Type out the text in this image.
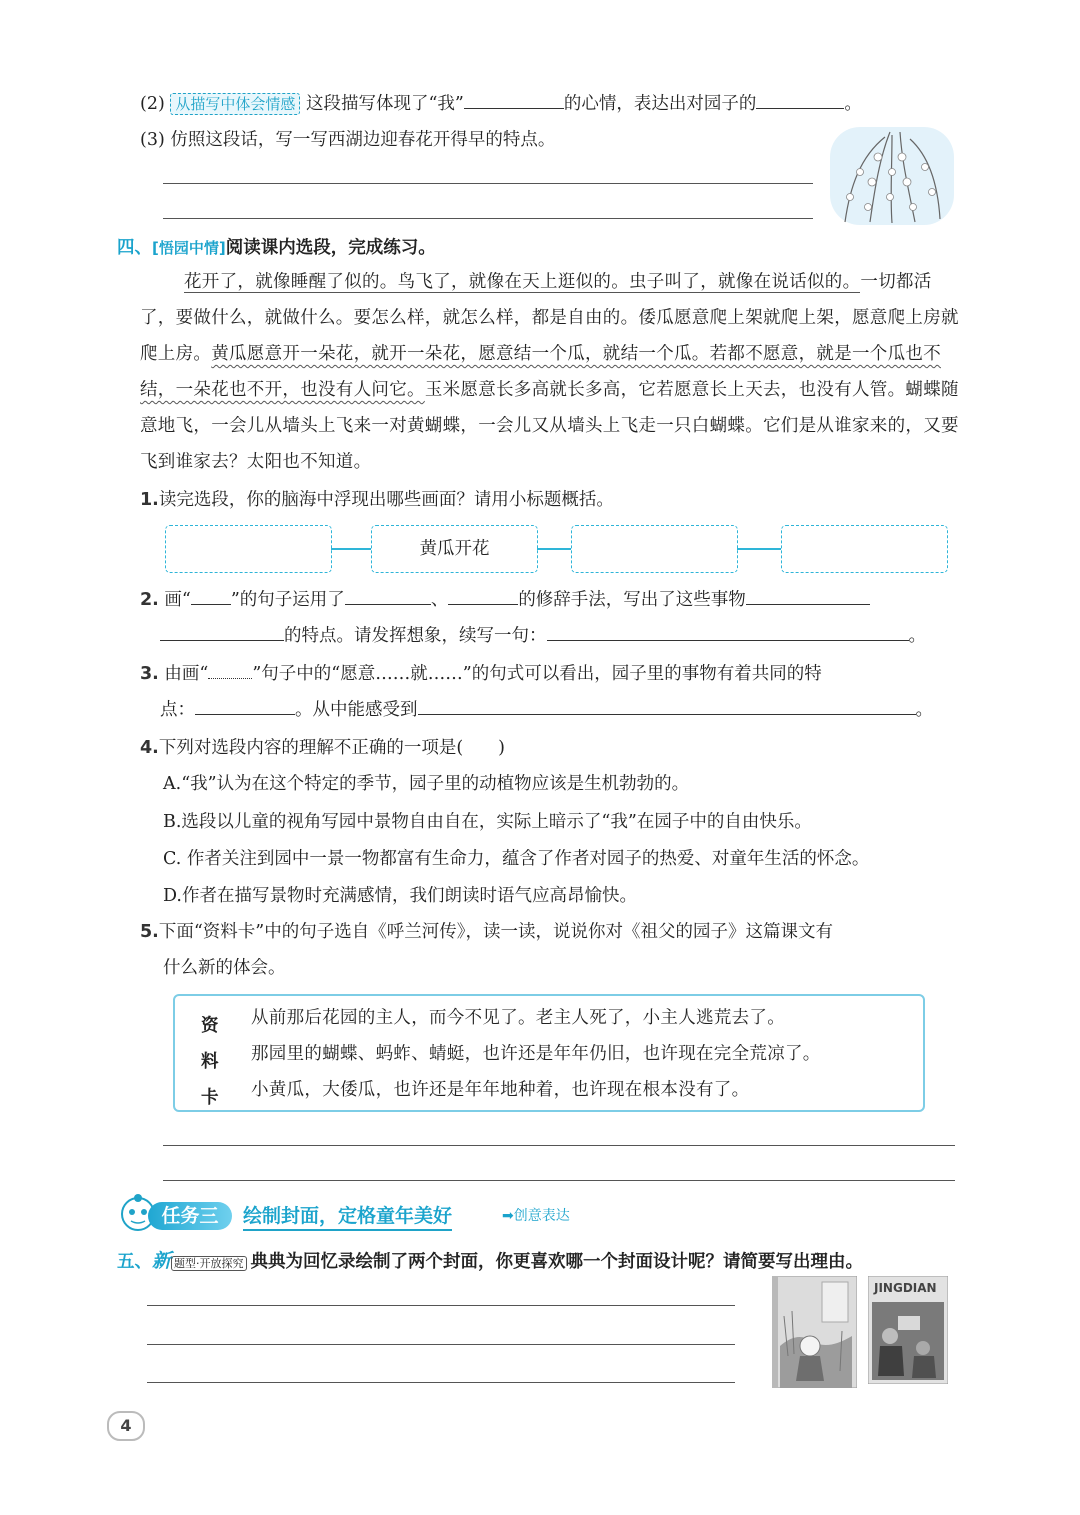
(2) 从描写中体会情感 这段描写体现了“我”	的心情，表达出对园子的	。
(3) 仿照这段话，写一写西湖边迎春花开得早的特点。
四、[悟园中情]阅读课内选段，完成练习。
花开了，就像睡醒了似的。鸟飞了，就像在天上逛似的。虫子叫了，就像在说话似的。一切都活了，要做什么，就做什么。要怎么样，就怎么样，都是自由的。倭瓜愿意爬上架就爬上架，愿意爬上房就爬上房。黄瓜愿意开一朵花，就开一朵花，愿意结一个瓜，就结一个瓜。若都不愿意，就是一个瓜也不结，一朵花也不开，也没有人问它。玉米愿意长多高就长多高，它若愿意长上天去，也没有人管。蝴蝶随意地飞，一会儿从墙头上飞来一对黄蝴蝶，一会儿又从墙头上飞走一只白蝴蝶。它们是从谁家来的，又要飞到谁家去？太阳也不知道。
1.读完选段，你的脑海中浮现出哪些画面？请用小标题概括。
黄瓜开花
2. 画“ ”的句子运用了	、	的修辞手法，写出了这些事物
的特点。请发挥想象，续写一句：	。
3. 由画“	”句子中的“愿意……就……”的句式可以看出，园子里的事物有着共同的特
点：	。从中能感受到	。
4.下列对选段内容的理解不正确的一项是(　　)
A.“我”认为在这个特定的季节，园子里的动植物应该是生机勃勃的。
B.选段以儿童的视角写园中景物自由自在，实际上暗示了“我”在园子中的自由快乐。
C. 作者关注到园中一景一物都富有生命力，蕴含了作者对园子的热爱、对童年生活的怀念。
D.作者在描写景物时充满感情，我们朗读时语气应高昂愉快。
5.下面“资料卡”中的句子选自《呼兰河传》，读一读，说说你对《祖父的园子》这篇课文有
什么新的体会。
资
料
卡
从前那后花园的主人，而今不见了。老主人死了，小主人逃荒去了。
那园里的蝴蝶、蚂蚱、蜻蜓，也许还是年年仍旧，也许现在完全荒凉了。
小黄瓜，大倭瓜，也许还是年年地种着，也许现在根本没有了。
任务三	绘制封面，定格童年美好	➡创意表达
五、新 题型·开放探究 典典为回忆录绘制了两个封面，你更喜欢哪一个封面设计呢？请简要写出理由。
JINGDIAN
4
